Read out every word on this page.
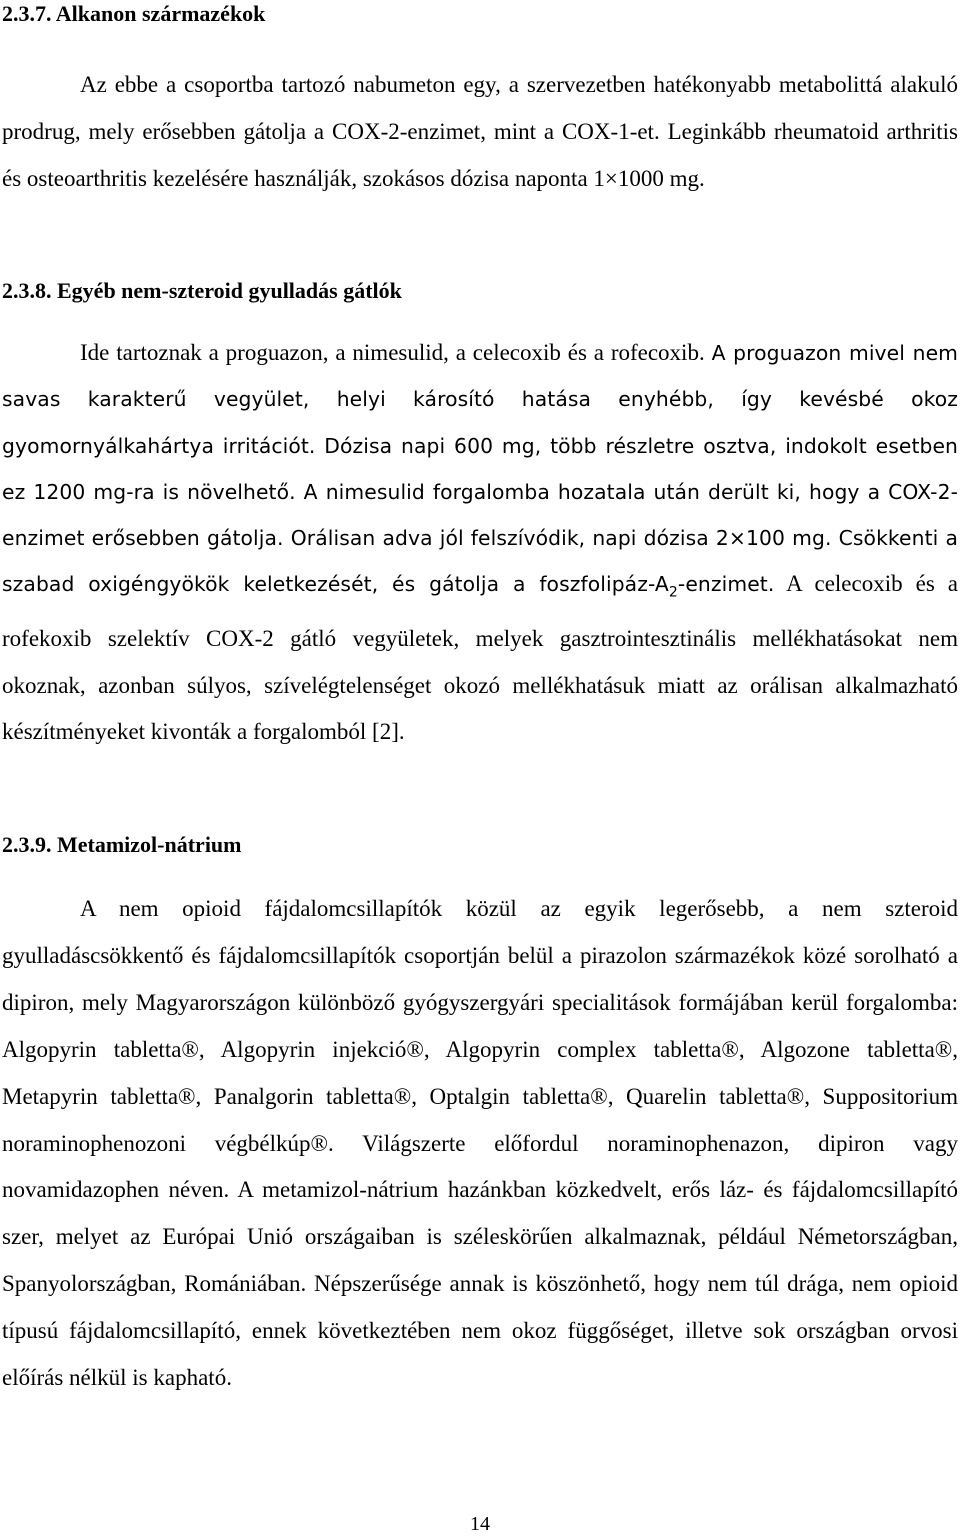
2.3.7. Alkanon származékok

Az ebbe a csoportba tartozó nabumeton egy, a szervezetben hatékonyabb metabolittá alakuló prodrug, mely erősebben gátolja a COX-2-enzimet, mint a COX-1-et. Leginkább rheumatoid arthritis és osteoarthritis kezelésére használják, szokásos dózisa naponta 1×1000 mg.

2.3.8. Egyéb nem-szteroid gyulladás gátlók

Ide tartoznak a proguazon, a nimesulid, a celecoxib és a rofecoxib. A proguazon mivel nem savas karakterű vegyület, helyi károsító hatása enyhébb, így kevésbé okoz gyomornyálkahártya irritációt. Dózisa napi 600 mg, több részletre osztva, indokolt esetben ez 1200 mg-ra is növelhető. A nimesulid forgalomba hozatala után derült ki, hogy a COX-2-enzimet erősebben gátolja. Orálisan adva jól felszívódik, napi dózisa 2×100 mg. Csökkenti a szabad oxigéngyökök keletkezését, és gátolja a foszfolipáz-$A_2$-enzimet. A celecoxib és a rofekoxib szelektív COX-2 gátló vegyületek, melyek gasztrointesztinális mellékhatásokat nem okoznak, azonban súlyos, szívelégtelenséget okozó mellékhatásuk miatt az orálisan alkalmazható készítményeket kivonták a forgalomból [2].

2.3.9. Metamizol-nátrium

A nem opioid fájdalomcsillapítók közül az egyik legerősebb, a nem szteroid gyulladáscsökkentő és fájdalomcsillapítók csoportján belül a pirazolon származékok közé sorolható a dipiron, mely Magyarországon különböző gyógyszergyári specialitások formájában kerül forgalomba: Algopyrin tabletta®, Algopyrin injekció®, Algopyrin complex tabletta®, Algozone tabletta®, Metapyrin tabletta®, Panalgorin tabletta®, Optalgin tabletta®, Quarelin tabletta®, Suppositorium noraminophenozoni végbélkúp®. Világszerte előfordul noraminophenazon, dipiron vagy novamidazophen néven. A metamizol-nátrium hazánkban közkedvelt, erős láz- és fájdalomcsillapító szer, melyet az Európai Unió országaiban is széleskörűen alkalmaznak, például Németországban, Spanyolországban, Romániában. Népszerűsége annak is köszönhető, hogy nem túl drága, nem opioid típusú fájdalomcsillapító, ennek következtében nem okoz függőséget, illetve sok országban orvosi előírás nélkül is kapható.

14
